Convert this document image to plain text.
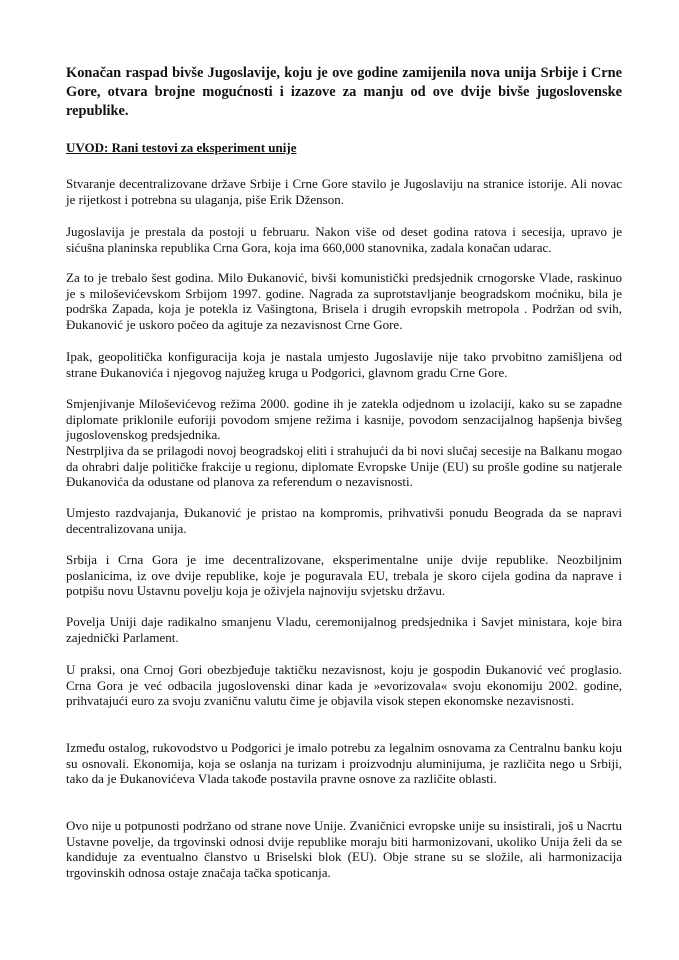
Konačan raspad bivše Jugoslavije, koju je ove godine zamijenila nova unija Srbije i Crne Gore, otvara brojne mogućnosti i izazove za manju od ove dvije bivše jugoslovenske republike.
UVOD: Rani testovi za eksperiment unije

Stvaranje decentralizovane države Srbije i Crne Gore stavilo je Jugoslaviju na stranice istorije. Ali novac je rijetkost i potrebna su ulaganja, piše Erik Dženson.

Jugoslavija je prestala da postoji u februaru. Nakon više od deset godina ratova i secesija, upravo je sićušna planinska republika Crna Gora, koja ima 660,000 stanovnika, zadala konačan udarac.

Za to je trebalo šest godina. Milo Đukanović, bivši komunistički predsjednik crnogorske Vlade, raskinuo je s miloševićevskom Srbijom 1997. godine. Nagrada za suprotstavljanje beogradskom moćniku, bila je podrška Zapada, koja je potekla iz Vašingtona, Brisela i drugih evropskih metropola . Podržan od svih, Đukanović je uskoro počeo da agituje za nezavisnost Crne Gore.

Ipak, geopolitička konfiguracija koja je nastala umjesto Jugoslavije nije tako prvobitno zamišljena od strane Đukanovića i njegovog najužeg kruga u Podgorici, glavnom gradu Crne Gore.

Smjenjivanje Miloševićevog režima 2000. godine ih je zatekla odjednom u izolaciji, kako su se zapadne diplomate priklonile euforiji povodom smjene režima i kasnije, povodom senzacijalnog hapšenja bivšeg jugoslovenskog predsjednika.

Nestrpljiva da se prilagodi novoj beogradskoj eliti i strahujući da bi novi slučaj secesije na Balkanu mogao da ohrabri dalje političke frakcije u regionu, diplomate Evropske Unije (EU) su prošle godine su natjerale Đukanovića da odustane od planova za referendum o nezavisnosti.

Umjesto razdvajanja, Đukanović je pristao na kompromis, prihvativši ponudu Beograda da se napravi decentralizovana unija.

Srbija i Crna Gora je ime decentralizovane, eksperimentalne unije dvije republike. Neozbiljnim poslanicima, iz ove dvije republike, koje je poguravala EU, trebala je skoro cijela godina da naprave i potpišu novu Ustavnu povelju koja je oživjela najnoviju svjetsku državu.

Povelja Uniji daje radikalno smanjenu Vladu, ceremonijalnog predsjednika i Savjet ministara, koje bira zajednički Parlament.

U praksi, ona Crnoj Gori obezbjeđuje taktičku nezavisnost, koju je gospodin Đukanović već proglasio. Crna Gora je već odbacila jugoslovenski dinar kada je »evorizovala« svoju ekonomiju 2002. godine, prihvatajući euro za svoju zvaničnu valutu čime je objavila visok stepen ekonomske nezavisnosti.

Između ostalog, rukovodstvo u Podgorici je imalo potrebu za legalnim osnovama za Centralnu banku koju su osnovali. Ekonomija, koja se oslanja na turizam i proizvodnju aluminijuma, je različita nego u Srbiji, tako da je Đukanovićeva Vlada takođe postavila pravne osnove za različite oblasti.

Ovo nije u potpunosti podržano od strane nove Unije. Zvaničnici evropske unije su insistirali, još u Nacrtu Ustavne povelje, da trgovinski odnosi dvije republike moraju biti harmonizovani, ukoliko Unija želi da se kandiduje za eventualno članstvo u Briselski blok (EU). Obje strane su se složile, ali harmonizacija trgovinskih odnosa ostaje značaja tačka spoticanja.
